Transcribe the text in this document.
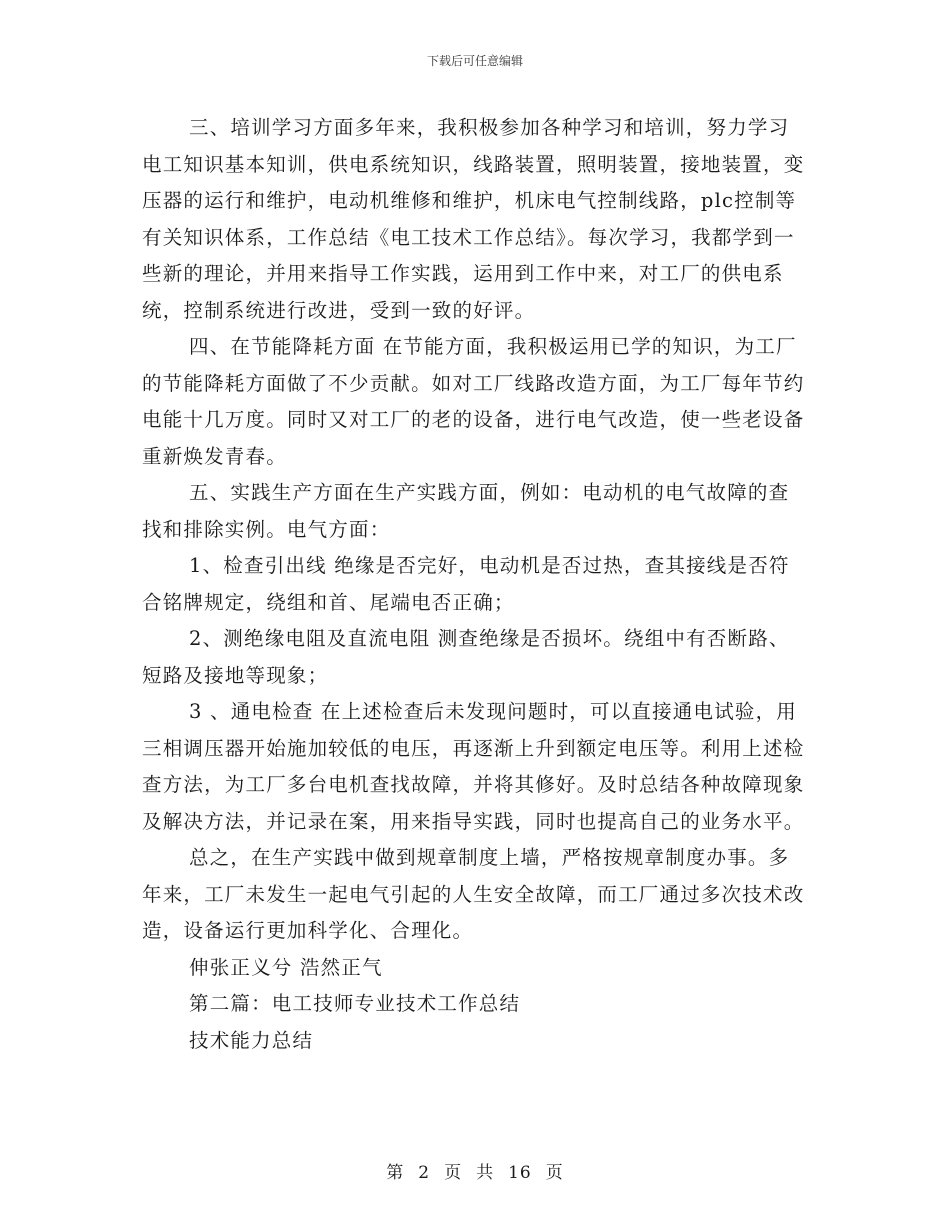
下载后可任意编辑

三、培训学习方面多年来，我积极参加各种学习和培训，努力学习电工知识基本知训，供电系统知识，线路装置，照明装置，接地装置，变压器的运行和维护，电动机维修和维护，机床电气控制线路，plc控制等有关知识体系，工作总结《电工技术工作总结》。每次学习，我都学到一些新的理论，并用来指导工作实践，运用到工作中来，对工厂的供电系统，控制系统进行改进，受到一致的好评。

四、在节能降耗方面 在节能方面，我积极运用已学的知识，为工厂的节能降耗方面做了不少贡献。如对工厂线路改造方面，为工厂每年节约电能十几万度。同时又对工厂的老的设备，进行电气改造，使一些老设备重新焕发青春。

五、实践生产方面在生产实践方面，例如：电动机的电气故障的查找和排除实例。电气方面：

1、检查引出线 绝缘是否完好，电动机是否过热，查其接线是否符合铭牌规定，绕组和首、尾端电否正确；

2、测绝缘电阻及直流电阻 测查绝缘是否损坏。绕组中有否断路、短路及接地等现象；

3 、通电检查 在上述检查后未发现问题时，可以直接通电试验，用三相调压器开始施加较低的电压，再逐渐上升到额定电压等。利用上述检查方法，为工厂多台电机查找故障，并将其修好。及时总结各种故障现象及解决方法，并记录在案，用来指导实践，同时也提高自己的业务水平。

总之，在生产实践中做到规章制度上墙，严格按规章制度办事。多年来，工厂未发生一起电气引起的人生安全故障，而工厂通过多次技术改造，设备运行更加科学化、合理化。

伸张正义兮 浩然正气

第二篇：电工技师专业技术工作总结

技术能力总结

第 2 页 共 16 页
